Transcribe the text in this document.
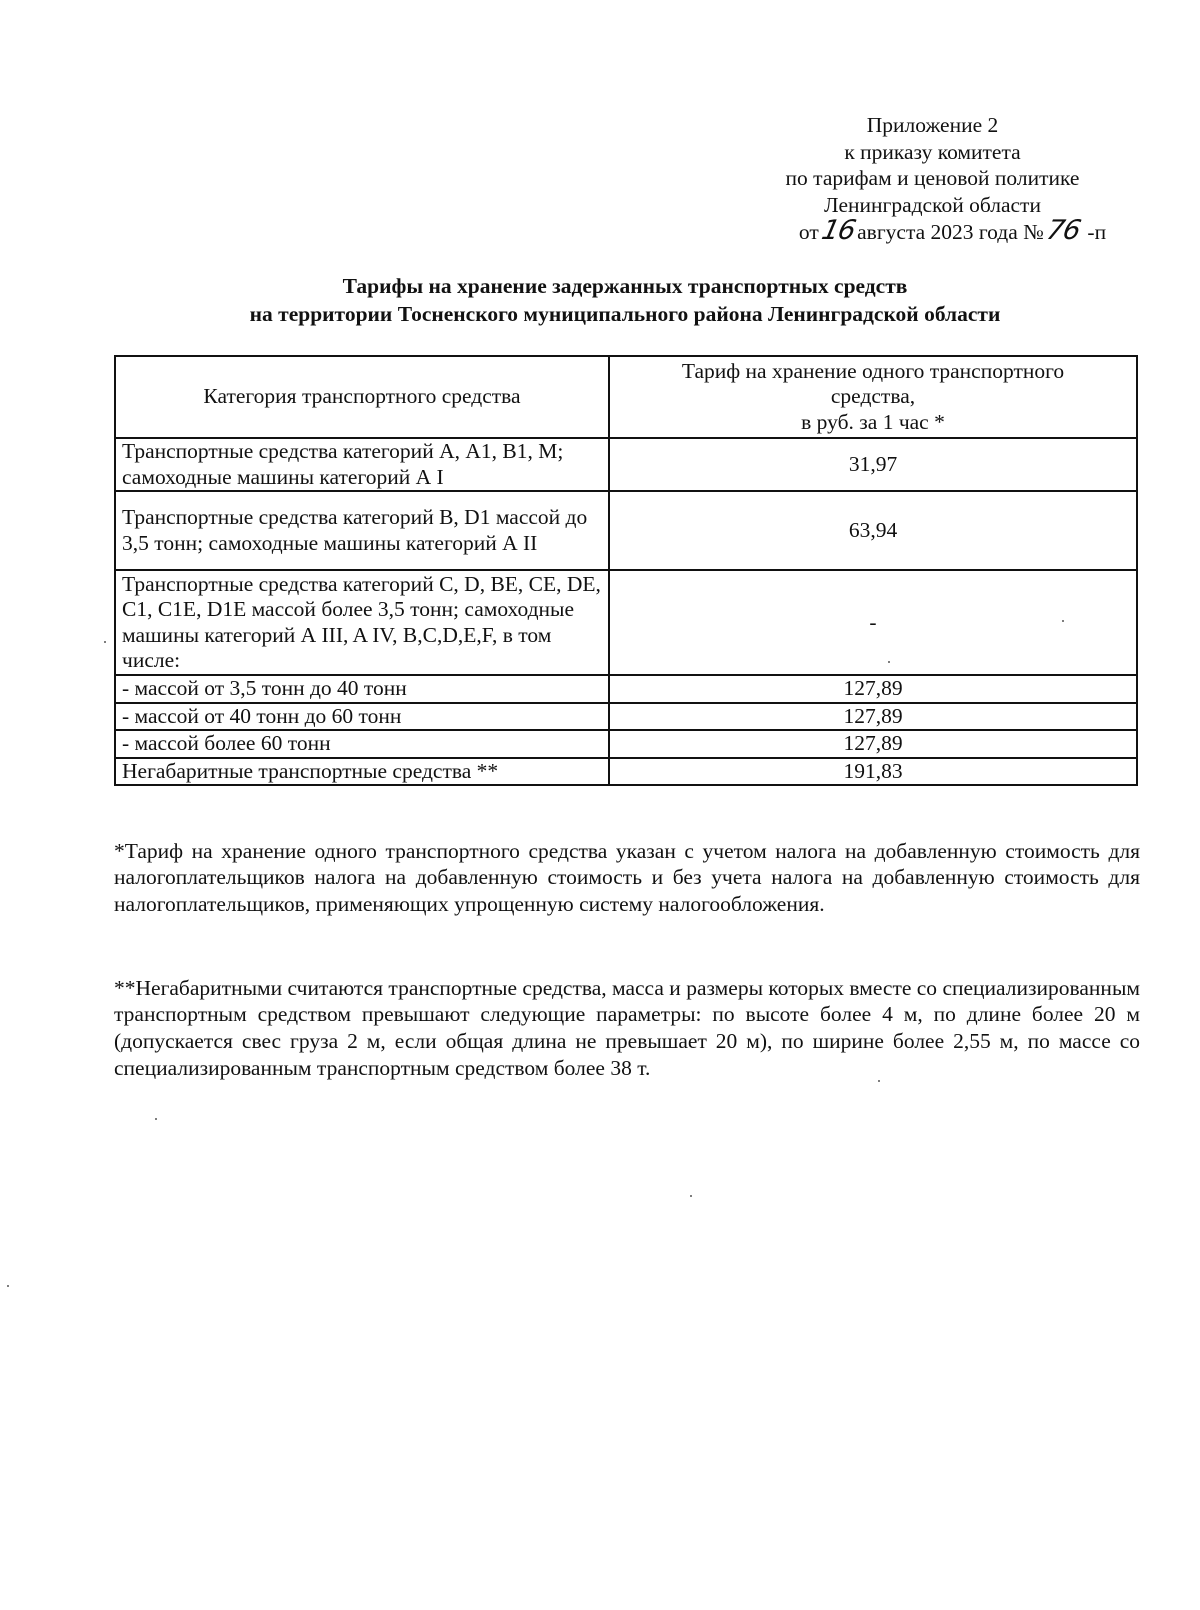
Приложение 2
к приказу комитета
по тарифам и ценовой политике
Ленинградской области
от16августа 2023 года №76 -п
Тарифы на хранение задержанных транспортных средств
на территории Тосненского муниципального района Ленинградской области
Категория транспортного средства	Тариф на хранение одного транспортного
средства,
в руб. за 1 час *

Транспортные средства категорий А, А1, В1, М; самоходные машины категорий А I	31,97
Транспортные средства категорий В, D1 массой до 3,5 тонн; самоходные машины категорий А II	63,94
Транспортные средства категорий С, D, BE, CE, DE, C1, C1E, D1E массой более 3,5 тонн; самоходные машины категорий А III, A IV, B,C,D,E,F, в том числе:	-
- массой от 3,5 тонн до 40 тонн	127,89
- массой от 40 тонн до 60 тонн	127,89
- массой более 60 тонн	127,89
Негабаритные транспортные средства **	191,83

*Тариф на хранение одного транспортного средства указан с учетом налога на добавленную стоимость для налогоплательщиков налога на добавленную стоимость и без учета налога на добавленную стоимость для налогоплательщиков, применяющих упрощенную систему налогообложения.

**Негабаритными считаются транспортные средства, масса и размеры которых вместе со специализированным транспортным средством превышают следующие параметры: по высоте более 4 м, по длине более 20 м (допускается свес груза 2 м, если общая длина не превышает 20 м), по ширине более 2,55 м, по массе со специализированным транспортным средством более 38 т.
